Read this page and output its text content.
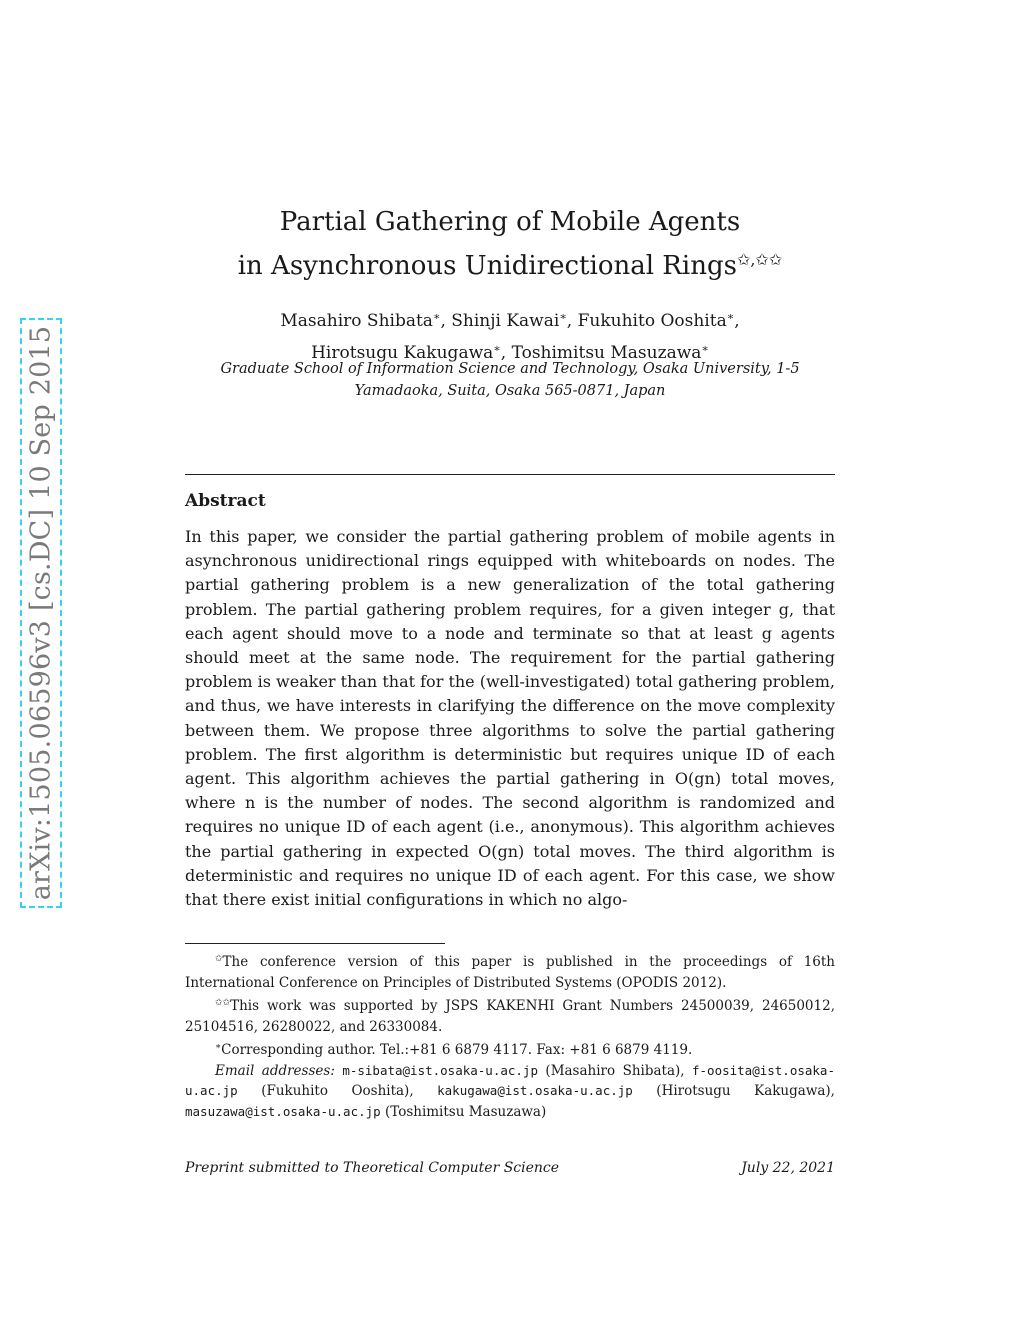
arXiv:1505.06596v3 [cs.DC] 10 Sep 2015
Partial Gathering of Mobile Agents
in Asynchronous Unidirectional Rings✩,✩✩
Masahiro Shibata∗, Shinji Kawai∗, Fukuhito Ooshita∗,
Hirotsugu Kakugawa∗, Toshimitsu Masuzawa∗
Graduate School of Information Science and Technology, Osaka University, 1-5
Yamadaoka, Suita, Osaka 565-0871, Japan
Abstract
In this paper, we consider the partial gathering problem of mobile agents in asynchronous unidirectional rings equipped with whiteboards on nodes. The partial gathering problem is a new generalization of the total gathering problem. The partial gathering problem requires, for a given integer g, that each agent should move to a node and terminate so that at least g agents should meet at the same node. The requirement for the partial gathering problem is weaker than that for the (well-investigated) total gathering problem, and thus, we have interests in clarifying the difference on the move complexity between them. We propose three algorithms to solve the partial gathering problem. The first algorithm is deterministic but requires unique ID of each agent. This algorithm achieves the partial gathering in O(gn) total moves, where n is the number of nodes. The second algorithm is randomized and requires no unique ID of each agent (i.e., anonymous). This algorithm achieves the partial gathering in expected O(gn) total moves. The third algorithm is deterministic and requires no unique ID of each agent. For this case, we show that there exist initial configurations in which no algo-
✩The conference version of this paper is published in the proceedings of 16th International Conference on Principles of Distributed Systems (OPODIS 2012).
✩✩This work was supported by JSPS KAKENHI Grant Numbers 24500039, 24650012, 25104516, 26280022, and 26330084.
∗Corresponding author. Tel.:+81 6 6879 4117. Fax: +81 6 6879 4119.
Email addresses: m-sibata@ist.osaka-u.ac.jp (Masahiro Shibata), f-oosita@ist.osaka-u.ac.jp (Fukuhito Ooshita), kakugawa@ist.osaka-u.ac.jp (Hirotsugu Kakugawa), masuzawa@ist.osaka-u.ac.jp (Toshimitsu Masuzawa)
Preprint submitted to Theoretical Computer Science	July 22, 2021
